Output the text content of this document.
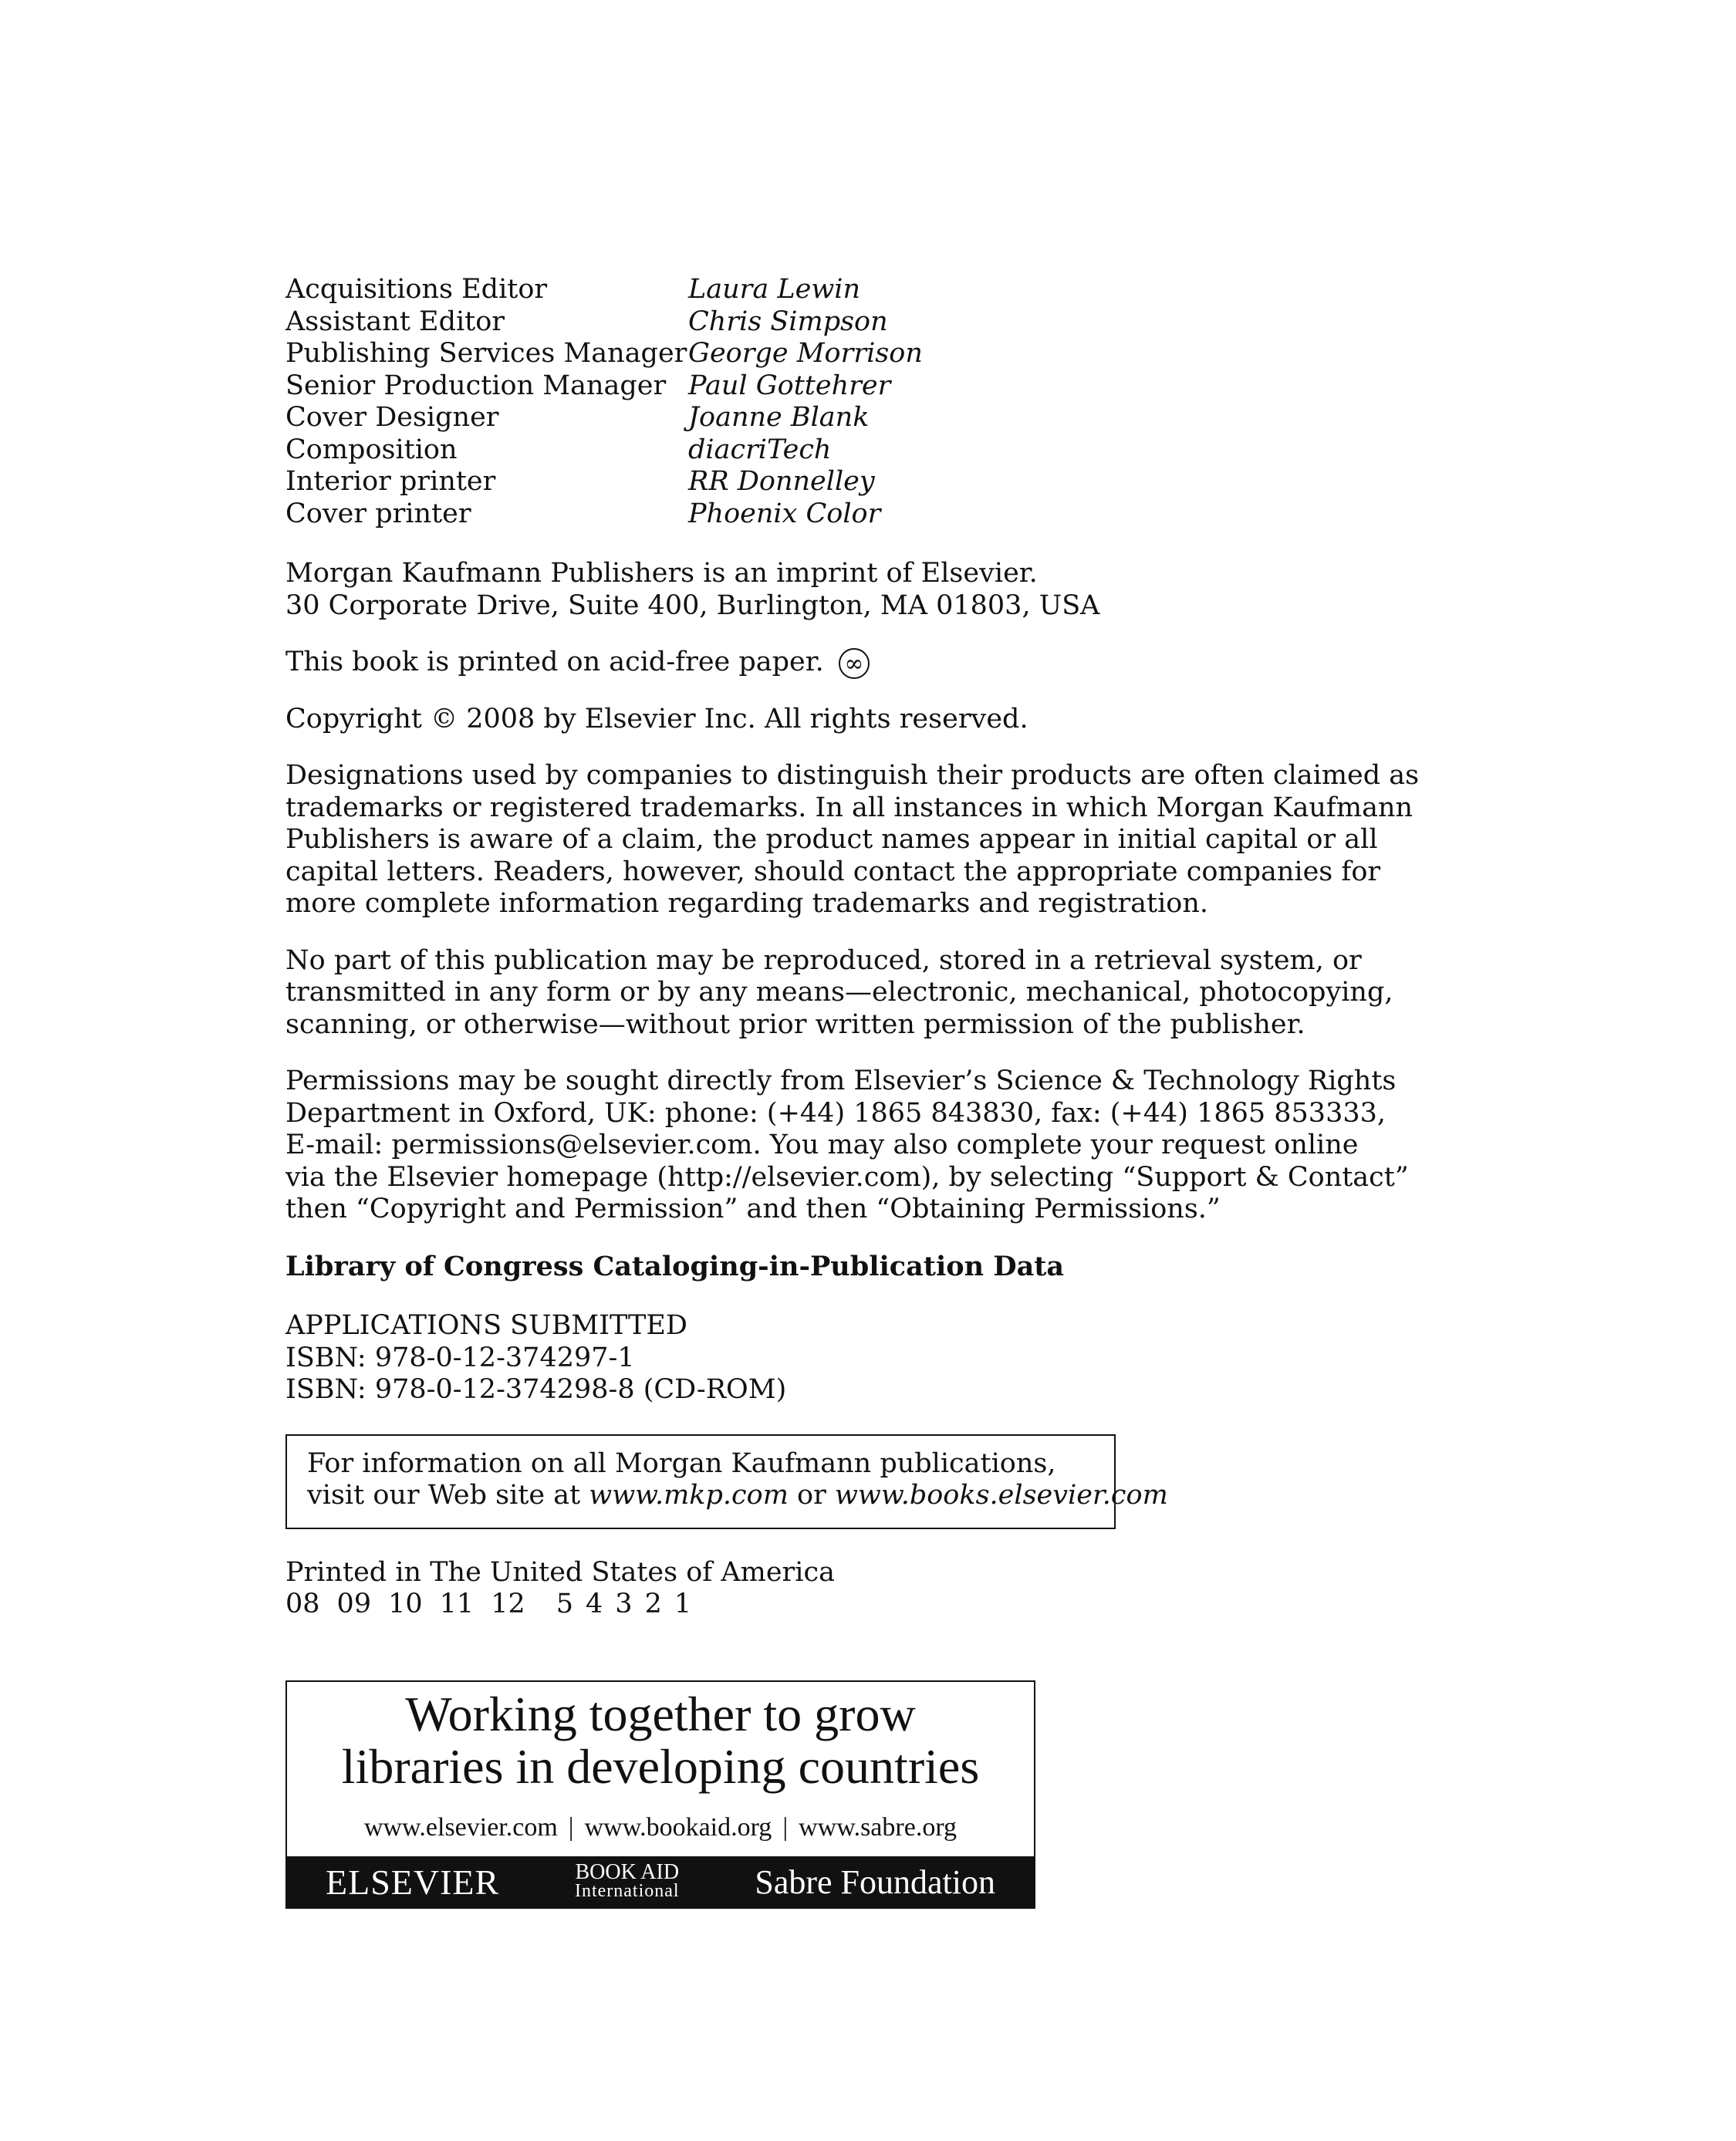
Acquisitions Editor	Laura Lewin
Assistant Editor	Chris Simpson
Publishing Services Manager George Morrison
Senior Production Manager Paul Gottehrer
Cover Designer	Joanne Blank
Composition	diacriTech
Interior printer	RR Donnelley
Cover printer	Phoenix Color

Morgan Kaufmann Publishers is an imprint of Elsevier.

30 Corporate Drive, Suite 400, Burlington, MA 01803, USA

This book is printed on acid-free paper. ∞

Copyright © 2008 by Elsevier Inc. All rights reserved.

Designations used by companies to distinguish their products are often claimed as

trademarks or registered trademarks. In all instances in which Morgan Kaufmann

Publishers is aware of a claim, the product names appear in initial capital or all

capital letters. Readers, however, should contact the appropriate companies for

more complete information regarding trademarks and registration.

No part of this publication may be reproduced, stored in a retrieval system, or

transmitted in any form or by any means—electronic, mechanical, photocopying,

scanning, or otherwise—without prior written permission of the publisher.

Permissions may be sought directly from Elsevier’s Science & Technology Rights

Department in Oxford, UK: phone: (+44) 1865 843830, fax: (+44) 1865 853333,

E-mail: permissions@elsevier.com. You may also complete your request online

via the Elsevier homepage (http://elsevier.com), by selecting “Support & Contact”

then “Copyright and Permission” and then “Obtaining Permissions.”

Library of Congress Cataloging-in-Publication Data

APPLICATIONS SUBMITTED

ISBN: 978-0-12-374297-1

ISBN: 978-0-12-374298-8 (CD-ROM)

For information on all Morgan Kaufmann publications,

visit our Web site at www.mkp.com or www.books.elsevier.com

Printed in The United States of America

08 09 10 11 12 5 4 3 2 1

Working together to grow
libraries in developing countries
www.elsevier.com | www.bookaid.org | www.sabre.org
ELSEVIER	BOOK AID
International Sabre Foundation
